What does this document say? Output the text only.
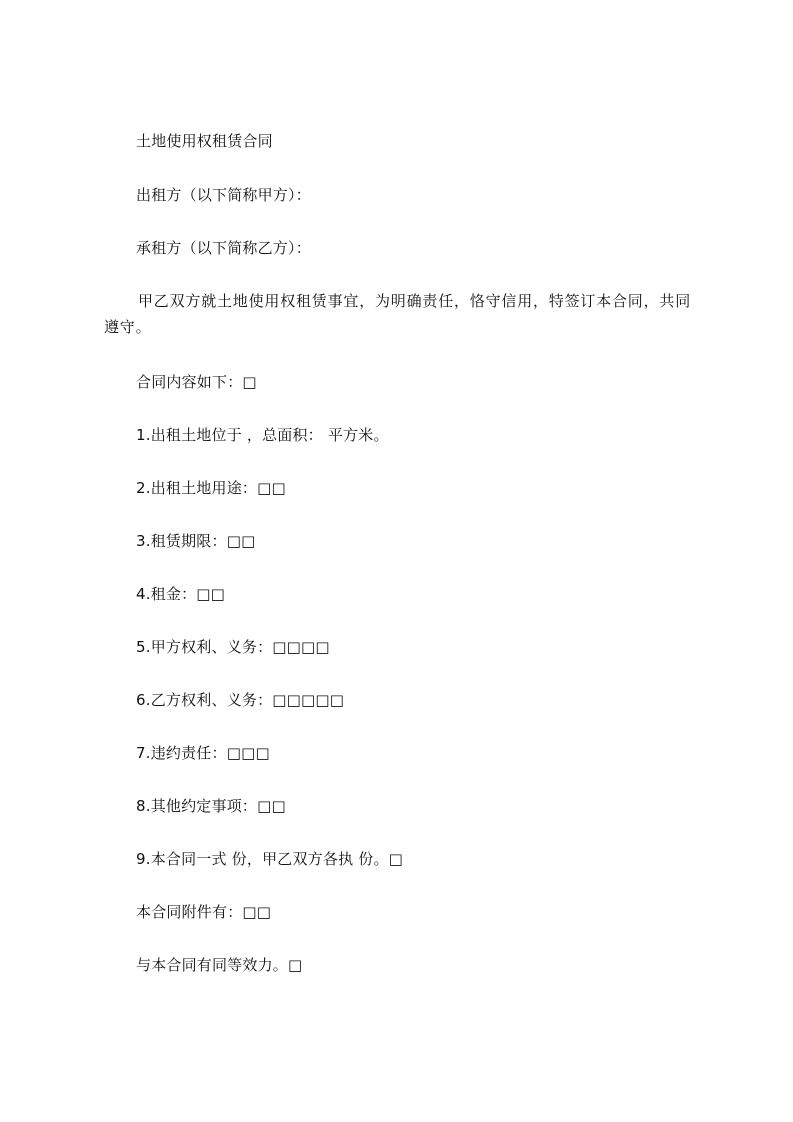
土地使用权租赁合同
出租方（以下简称甲方）：
承租方（以下简称乙方）：
甲乙双方就土地使用权租赁事宜，为明确责任，恪守信用，特签订本合同，共同遵守。
合同内容如下：□
1.出租土地位于 ，总面积： 平方米。
2.出租土地用途：□□
3.租赁期限：□□
4.租金：□□
5.甲方权利、义务：□□□□
6.乙方权利、义务：□□□□□
7.违约责任：□□□
8.其他约定事项：□□
9.本合同一式 份，甲乙双方各执 份。□
本合同附件有：□□
与本合同有同等效力。□
